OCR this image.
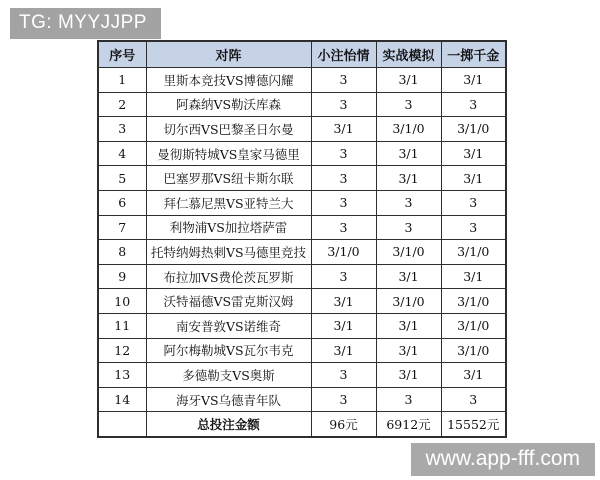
TG: MYYJJPP
序号	对阵	小注怡情	实战模拟	一掷千金
1	里斯本竞技VS博德闪耀	3	3/1	3/1
2	阿森纳VS勒沃库森	3	3	3
3	切尔西VS巴黎圣日尔曼	3/1	3/1/0	3/1/0
4	曼彻斯特城VS皇家马德里	3	3/1	3/1
5	巴塞罗那VS纽卡斯尔联	3	3/1	3/1
6	拜仁慕尼黑VS亚特兰大	3	3	3
7	利物浦VS加拉塔萨雷	3	3	3
8	托特纳姆热刺VS马德里竞技	3/1/0	3/1/0	3/1/0
9	布拉加VS费伦茨瓦罗斯	3	3/1	3/1
10	沃特福德VS雷克斯汉姆	3/1	3/1/0	3/1/0
11	南安普敦VS诺维奇	3/1	3/1	3/1/0
12	阿尔梅勒城VS瓦尔韦克	3/1	3/1	3/1/0
13	多德勒支VS奥斯	3	3/1	3/1
14	海牙VS乌德青年队	3	3	3
	总投注金额	96元	6912元	15552元
www.app-fff.com
